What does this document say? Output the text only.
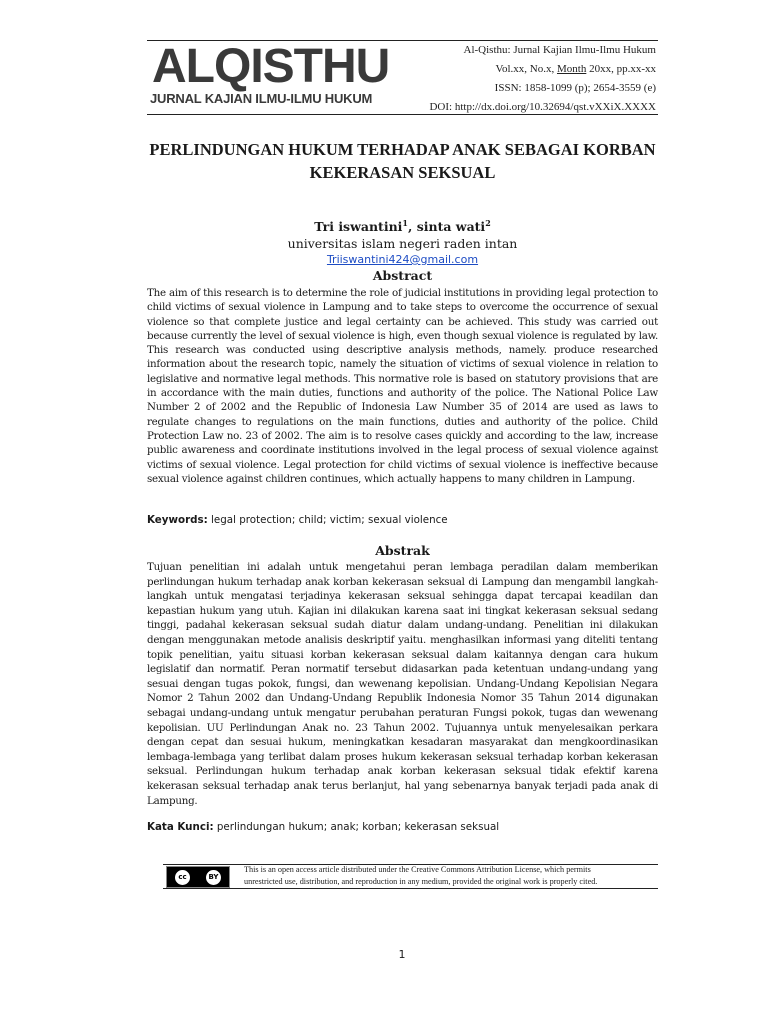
ALQISTHU
JURNAL KAJIAN ILMU-ILMU HUKUM
Al-Qisthu: Jurnal Kajian Ilmu-Ilmu Hukum
Vol.xx, No.x, Month 20xx, pp.xx-xx
ISSN: 1858-1099 (p); 2654-3559 (e)
DOI: http://dx.doi.org/10.32694/qst.vXXiX.XXXX
PERLINDUNGAN HUKUM TERHADAP ANAK SEBAGAI KORBAN
KEKERASAN SEKSUAL
Tri iswantini$^1$, sinta wati$^2$
universitas islam negeri raden intan
Triiswantini424@gmail.com
Abstract
The aim of this research is to determine the role of judicial institutions in providing legal protection to child victims of sexual violence in Lampung and to take steps to overcome the occurrence of sexual violence so that complete justice and legal certainty can be achieved. This study was carried out because currently the level of sexual violence is high, even though sexual violence is regulated by law. This research was conducted using descriptive analysis methods, namely. produce researched information about the research topic, namely the situation of victims of sexual violence in relation to legislative and normative legal methods. This normative role is based on statutory provisions that are in accordance with the main duties, functions and authority of the police. The National Police Law Number 2 of 2002 and the Republic of Indonesia Law Number 35 of 2014 are used as laws to regulate changes to regulations on the main functions, duties and authority of the police. Child Protection Law no. 23 of 2002. The aim is to resolve cases quickly and according to the law, increase public awareness and coordinate institutions involved in the legal process of sexual violence against victims of sexual violence. Legal protection for child victims of sexual violence is ineffective because sexual violence against children continues, which actually happens to many children in Lampung.
Keywords: legal protection; child; victim; sexual violence
Abstrak
Tujuan penelitian ini adalah untuk mengetahui peran lembaga peradilan dalam memberikan perlindungan hukum terhadap anak korban kekerasan seksual di Lampung dan mengambil langkah-langkah untuk mengatasi terjadinya kekerasan seksual sehingga dapat tercapai keadilan dan kepastian hukum yang utuh. Kajian ini dilakukan karena saat ini tingkat kekerasan seksual sedang tinggi, padahal kekerasan seksual sudah diatur dalam undang-undang. Penelitian ini dilakukan dengan menggunakan metode analisis deskriptif yaitu. menghasilkan informasi yang diteliti tentang topik penelitian, yaitu situasi korban kekerasan seksual dalam kaitannya dengan cara hukum legislatif dan normatif. Peran normatif tersebut didasarkan pada ketentuan undang-undang yang sesuai dengan tugas pokok, fungsi, dan wewenang kepolisian. Undang-Undang Kepolisian Negara Nomor 2 Tahun 2002 dan Undang-Undang Republik Indonesia Nomor 35 Tahun 2014 digunakan sebagai undang-undang untuk mengatur perubahan peraturan Fungsi pokok, tugas dan wewenang kepolisian. UU Perlindungan Anak no. 23 Tahun 2002. Tujuannya untuk menyelesaikan perkara dengan cepat dan sesuai hukum, meningkatkan kesadaran masyarakat dan mengkoordinasikan lembaga-lembaga yang terlibat dalam proses hukum kekerasan seksual terhadap korban kekerasan seksual. Perlindungan hukum terhadap anak korban kekerasan seksual tidak efektif karena kekerasan seksual terhadap anak terus berlanjut, hal yang sebenarnya banyak terjadi pada anak di Lampung.
Kata Kunci: perlindungan hukum; anak; korban; kekerasan seksual
cc	BY
This is an open access article distributed under the Creative Commons Attribution License, which permits
unrestricted use, distribution, and reproduction in any medium, provided the original work is properly cited.
1
